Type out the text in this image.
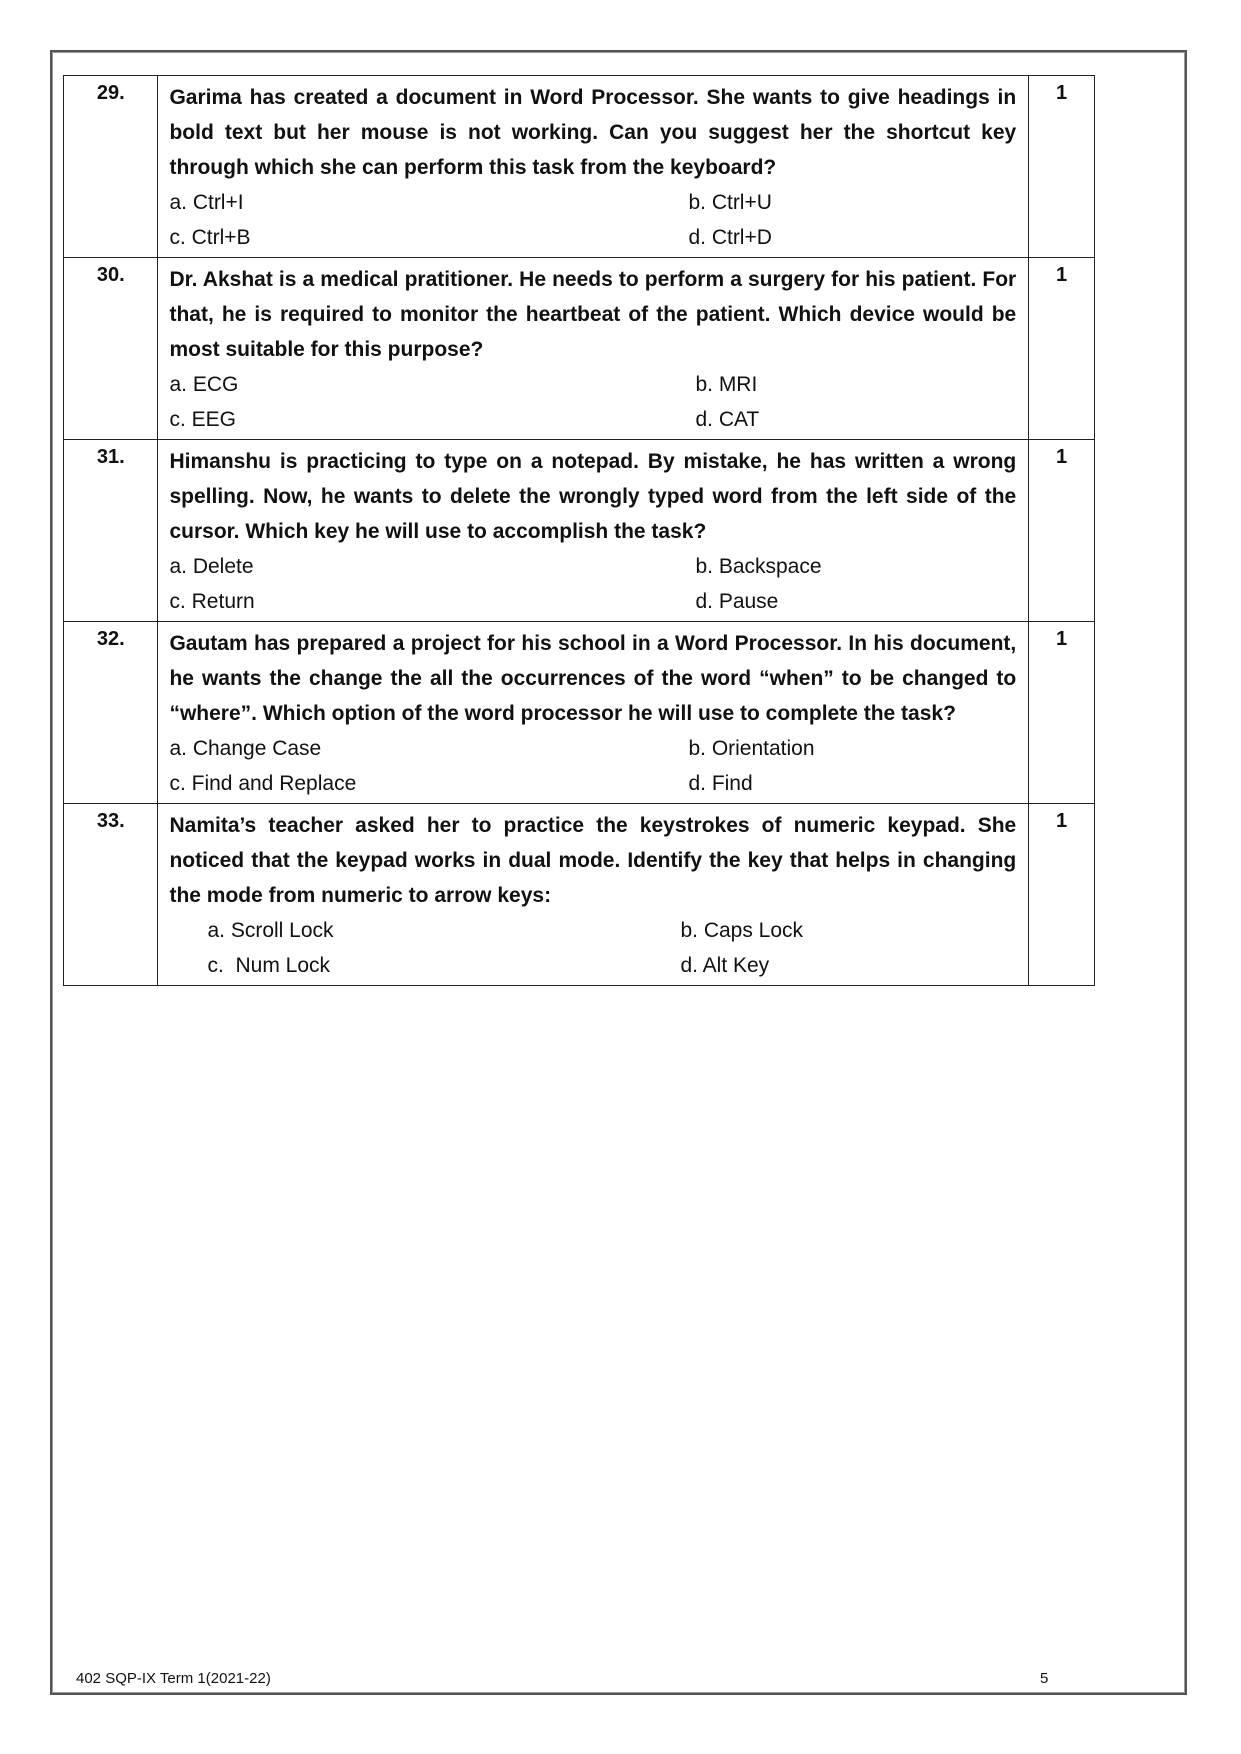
29.	Garima has created a document in Word Processor. She wants to give headings in bold text but her mouse is not working. Can you suggest her the shortcut key through which she can perform this task from the keyboard?
a. Ctrl+I b. Ctrl+U
c. Ctrl+B d. Ctrl+D	1
30.	Dr. Akshat is a medical pratitioner. He needs to perform a surgery for his patient. For that, he is required to monitor the heartbeat of the patient. Which device would be most suitable for this purpose?
a. ECG b. MRI
c. EEG d. CAT	1
31.	Himanshu is practicing to type on a notepad. By mistake, he has written a wrong spelling. Now, he wants to delete the wrongly typed word from the left side of the cursor. Which key he will use to accomplish the task?
a. Delete b. Backspace
c. Return d. Pause	1
32.	Gautam has prepared a project for his school in a Word Processor. In his document, he wants the change the all the occurrences of the word “when” to be changed to “where”. Which option of the word processor he will use to complete the task?
a. Change Case b. Orientation
c. Find and Replace d. Find	1
33.	Namita’s teacher asked her to practice the keystrokes of numeric keypad. She noticed that the keypad works in dual mode. Identify the key that helps in changing the mode from numeric to arrow keys:
a. Scroll Lock b. Caps Lock
c.  Num Lock d. Alt Key	1
402 SQP-IX Term 1(2021-22)	5
